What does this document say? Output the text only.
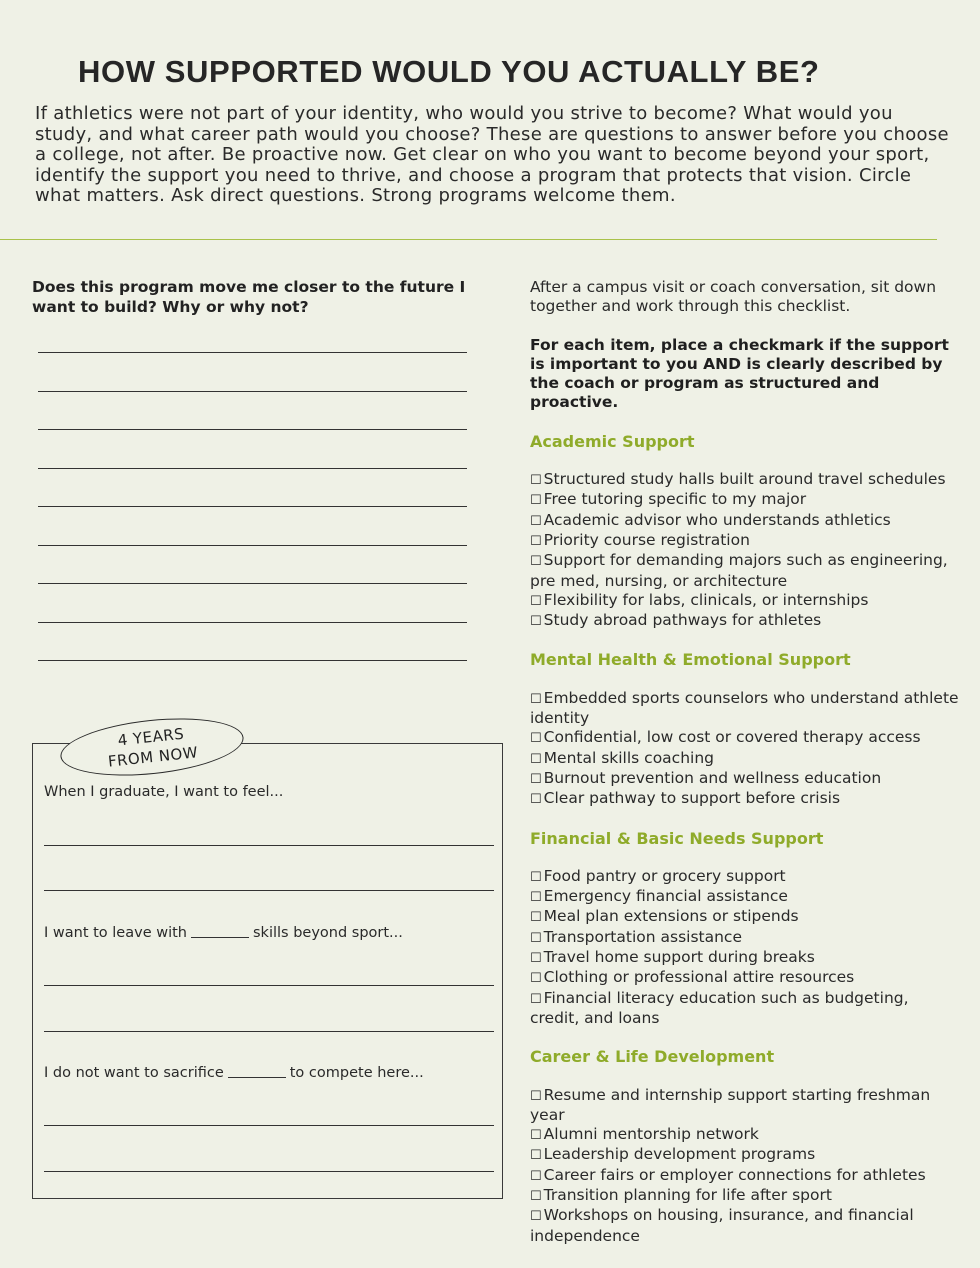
HOW SUPPORTED WOULD YOU ACTUALLY BE?
If athletics were not part of your identity, who would you strive to become? What would you study, and what career path would you choose? These are questions to answer before you choose a college, not after. Be proactive now. Get clear on who you want to become beyond your sport, identify the support you need to thrive, and choose a program that protects that vision. Circle what matters. Ask direct questions. Strong programs welcome them.
Does this program move me closer to the future I want to build? Why or why not?
4 YEARS
FROM NOW
When I graduate, I want to feel...
I want to leave with	skills beyond sport...
I do not want to sacrifice	to compete here...

After a campus visit or coach conversation, sit down together and work through this checklist.

For each item, place a checkmark if the support is important to you AND is clearly described by the coach or program as structured and proactive.

Academic Support

☐ Structured study halls built around travel schedules
☐ Free tutoring specific to my major
☐ Academic advisor who understands athletics
☐ Priority course registration
☐ Support for demanding majors such as engineering, pre med, nursing, or architecture
☐ Flexibility for labs, clinicals, or internships
☐ Study abroad pathways for athletes

Mental Health & Emotional Support

☐ Embedded sports counselors who understand athlete identity
☐ Confidential, low cost or covered therapy access
☐ Mental skills coaching
☐ Burnout prevention and wellness education
☐ Clear pathway to support before crisis

Financial & Basic Needs Support

☐ Food pantry or grocery support
☐ Emergency financial assistance
☐ Meal plan extensions or stipends
☐ Transportation assistance
☐ Travel home support during breaks
☐ Clothing or professional attire resources
☐ Financial literacy education such as budgeting, credit, and loans

Career & Life Development

☐ Resume and internship support starting freshman year
☐ Alumni mentorship network
☐ Leadership development programs
☐ Career fairs or employer connections for athletes
☐ Transition planning for life after sport
☐ Workshops on housing, insurance, and financial independence
